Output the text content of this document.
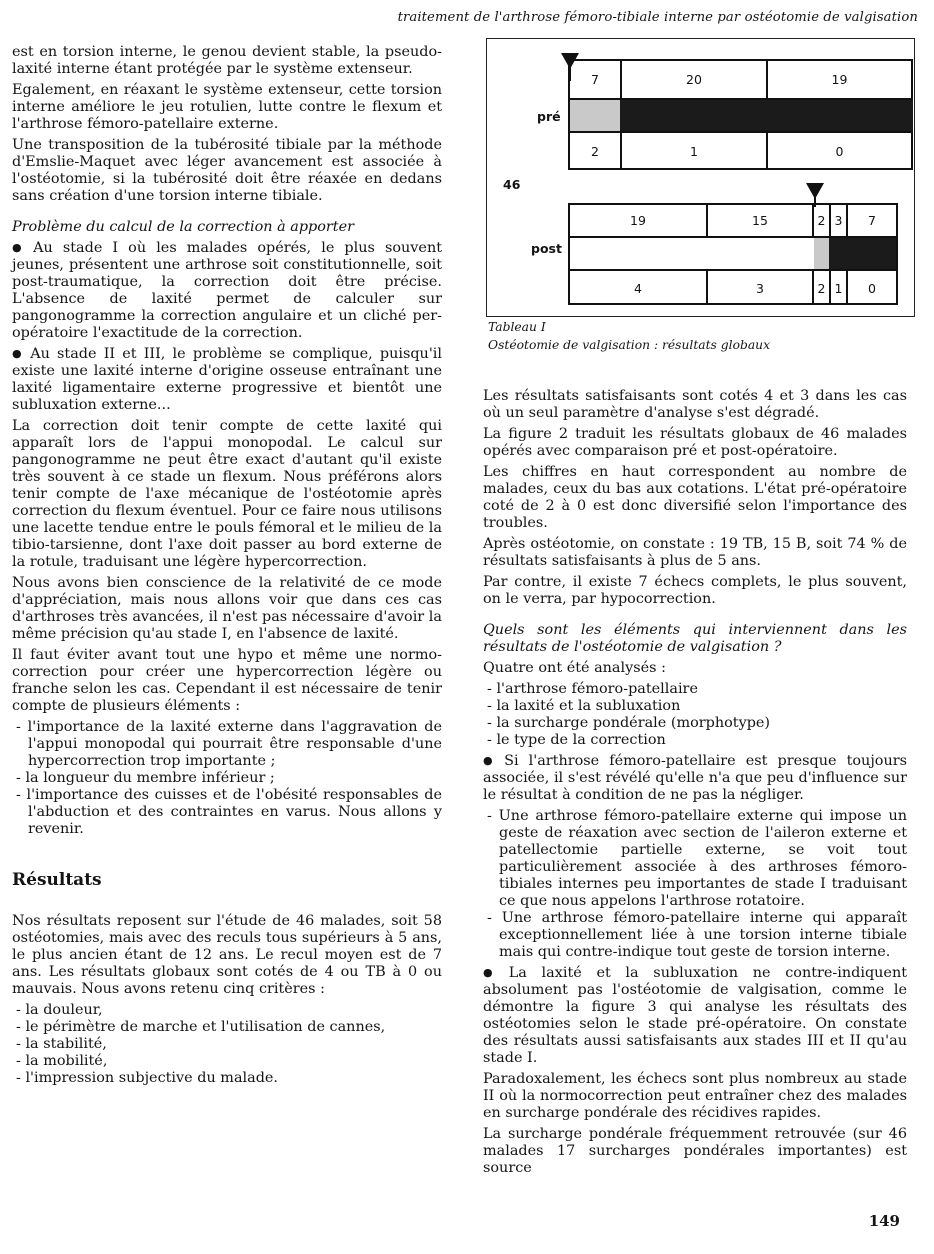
traitement de l'arthrose fémoro-tibiale interne par ostéotomie de valgisation

est en torsion interne, le genou devient stable, la pseudo-laxité interne étant protégée par le système extenseur.

Egalement, en réaxant le système extenseur, cette torsion interne améliore le jeu rotulien, lutte contre le flexum et l'arthrose fémoro-patellaire externe.

Une transposition de la tubérosité tibiale par la méthode d'Emslie-Maquet avec léger avancement est associée à l'ostéotomie, si la tubérosité doit être réaxée en dedans sans création d'une torsion interne tibiale.

Problème du calcul de la correction à apporter

● Au stade I où les malades opérés, le plus souvent jeunes, présentent une arthrose soit constitutionnelle, soit post-traumatique, la correction doit être précise. L'absence de laxité permet de calculer sur pangonogramme la correction angulaire et un cliché per-opératoire l'exactitude de la correction.

● Au stade II et III, le problème se complique, puisqu'il existe une laxité interne d'origine osseuse entraînant une laxité ligamentaire externe progressive et bientôt une subluxation externe...

La correction doit tenir compte de cette laxité qui apparaît lors de l'appui monopodal. Le calcul sur pangonogramme ne peut être exact d'autant qu'il existe très souvent à ce stade un flexum. Nous préférons alors tenir compte de l'axe mécanique de l'ostéotomie après correction du flexum éventuel. Pour ce faire nous utilisons une lacette tendue entre le pouls fémoral et le milieu de la tibio-tarsienne, dont l'axe doit passer au bord externe de la rotule, traduisant une légère hypercorrection.

Nous avons bien conscience de la relativité de ce mode d'appréciation, mais nous allons voir que dans ces cas d'arthroses très avancées, il n'est pas nécessaire d'avoir la même précision qu'au stade I, en l'absence de laxité.

Il faut éviter avant tout une hypo et même une normo-correction pour créer une hypercorrection légère ou franche selon les cas. Cependant il est nécessaire de tenir compte de plusieurs éléments :

- l'importance de la laxité externe dans l'aggravation de l'appui monopodal qui pourrait être responsable d'une hypercorrection trop importante ;
- la longueur du membre inférieur ;
- l'importance des cuisses et de l'obésité responsables de l'abduction et des contraintes en varus. Nous allons y revenir.
Résultats

Nos résultats reposent sur l'étude de 46 malades, soit 58 ostéotomies, mais avec des reculs tous supérieurs à 5 ans, le plus ancien étant de 12 ans. Le recul moyen est de 7 ans. Les résultats globaux sont cotés de 4 ou TB à 0 ou mauvais. Nous avons retenu cinq critères :

- la douleur,
- le périmètre de marche et l'utilisation de cannes,
- la stabilité,
- la mobilité,
- l'impression subjective du malade.
pré
46
post
7	20	19
2	1	0
19	15	2 3	7
4	3	2 1	0
Tableau I
Ostéotomie de valgisation : résultats globaux

Les résultats satisfaisants sont cotés 4 et 3 dans les cas où un seul paramètre d'analyse s'est dégradé.

La figure 2 traduit les résultats globaux de 46 malades opérés avec comparaison pré et post-opératoire.

Les chiffres en haut correspondent au nombre de malades, ceux du bas aux cotations. L'état pré-opératoire coté de 2 à 0 est donc diversifié selon l'importance des troubles.

Après ostéotomie, on constate : 19 TB, 15 B, soit 74 % de résultats satisfaisants à plus de 5 ans.

Par contre, il existe 7 échecs complets, le plus souvent, on le verra, par hypocorrection.

Quels sont les éléments qui interviennent dans les résultats de l'ostéotomie de valgisation ?

Quatre ont été analysés :

- l'arthrose fémoro-patellaire
- la laxité et la subluxation
- la surcharge pondérale (morphotype)
- le type de la correction

● Si l'arthrose fémoro-patellaire est presque toujours associée, il s'est révélé qu'elle n'a que peu d'influence sur le résultat à condition de ne pas la négliger.

- Une arthrose fémoro-patellaire externe qui impose un geste de réaxation avec section de l'aileron externe et patellectomie partielle externe, se voit tout particulièrement associée à des arthroses fémoro-tibiales internes peu importantes de stade I traduisant ce que nous appelons l'arthrose rotatoire.
- Une arthrose fémoro-patellaire interne qui apparaît exceptionnellement liée à une torsion interne tibiale mais qui contre-indique tout geste de torsion interne.

● La laxité et la subluxation ne contre-indiquent absolument pas l'ostéotomie de valgisation, comme le démontre la figure 3 qui analyse les résultats des ostéotomies selon le stade pré-opératoire. On constate des résultats aussi satisfaisants aux stades III et II qu'au stade I.

Paradoxalement, les échecs sont plus nombreux au stade II où la normocorrection peut entraîner chez des malades en surcharge pondérale des récidives rapides.

La surcharge pondérale fréquemment retrouvée (sur 46 malades 17 surcharges pondérales importantes) est source

149
